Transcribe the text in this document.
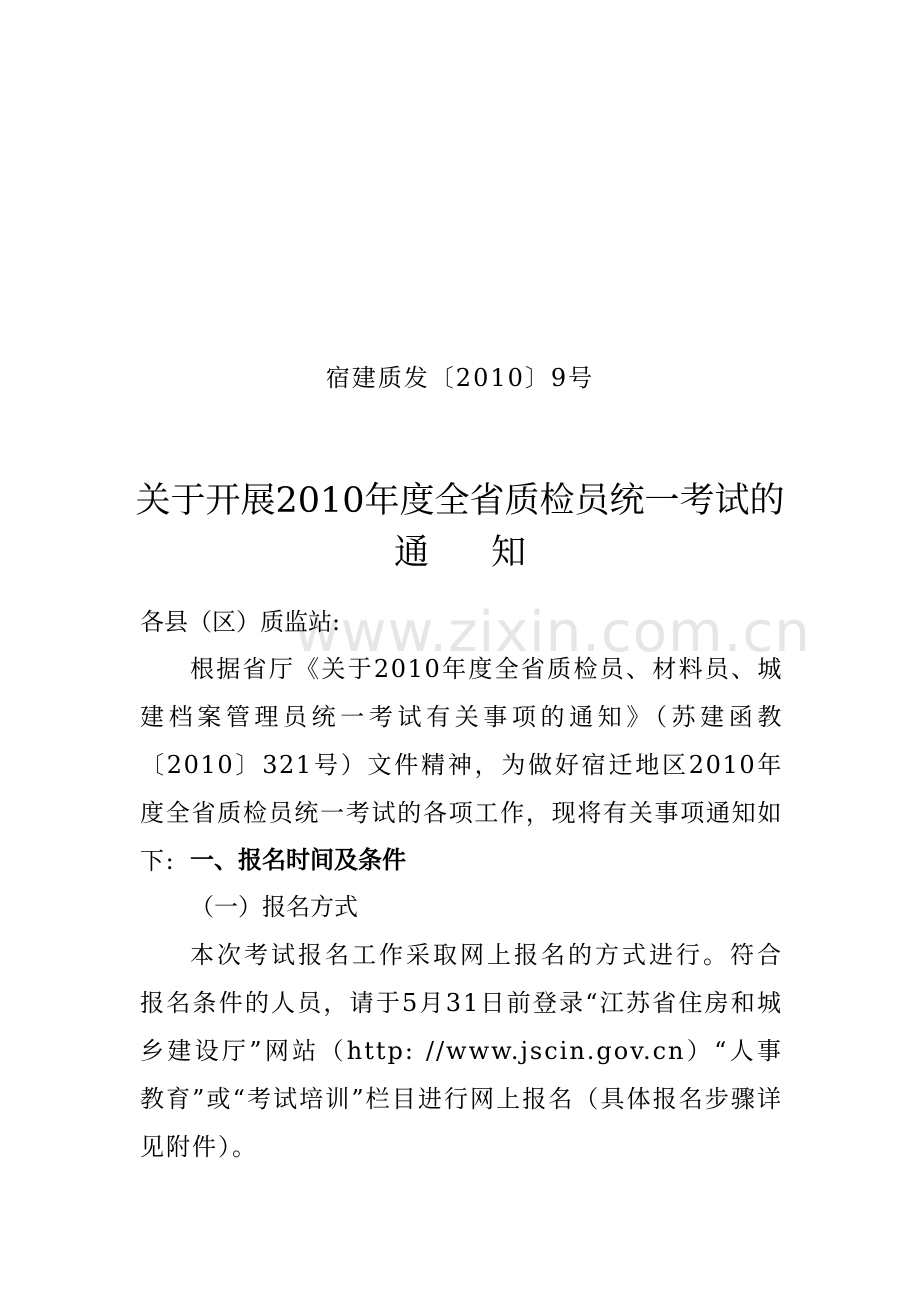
宿建质发〔2010〕9号
关于开展2010年度全省质检员统一考试的
通知
www.zixin.com.cn
各县（区）质监站:
根据省厅《关于2010年度全省质检员、材料员、城建档案管理员统一考试有关事项的通知》（苏建函教〔2010〕321号）文件精神，为做好宿迁地区2010年度全省质检员统一考试的各项工作，现将有关事项通知如下: 一、报名时间及条件
（一）报名方式
本次考试报名工作采取网上报名的方式进行。符合报名条件的人员，请于5月31日前登录“江苏省住房和城乡建设厅”网站（http: //www.jscin.gov.cn）“人事教育”或“考试培训”栏目进行网上报名（具体报名步骤详见附件）。
